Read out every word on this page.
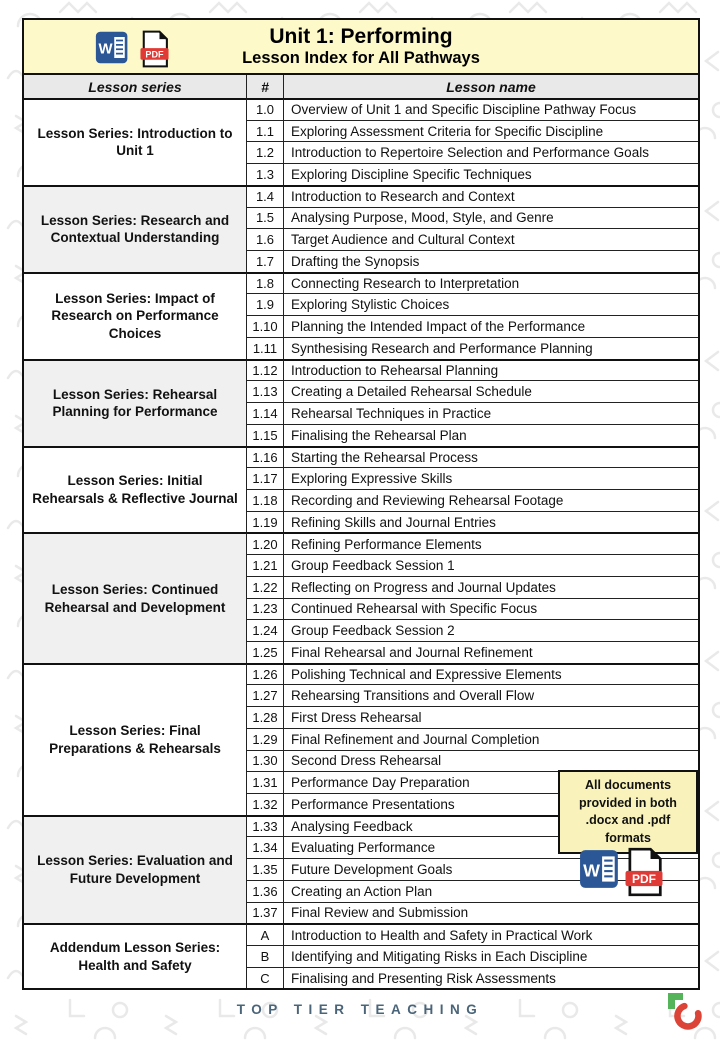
W	PDF
Unit 1: Performing
Lesson Index for All Pathways
Lesson series	#	Lesson name
Lesson Series: Introduction to Unit 1
1.0	Overview of Unit 1 and Specific Discipline Pathway Focus
1.1	Exploring Assessment Criteria for Specific Discipline
1.2	Introduction to Repertoire Selection and Performance Goals
1.3	Exploring Discipline Specific Techniques
Lesson Series: Research and Contextual Understanding
1.4	Introduction to Research and Context
1.5	Analysing Purpose, Mood, Style, and Genre
1.6	Target Audience and Cultural Context
1.7	Drafting the Synopsis
Lesson Series: Impact of Research on Performance Choices
1.8	Connecting Research to Interpretation
1.9	Exploring Stylistic Choices
1.10 Planning the Intended Impact of the Performance
1.11	Synthesising Research and Performance Planning
Lesson Series: Rehearsal Planning for Performance
1.12 Introduction to Rehearsal Planning
1.13 Creating a Detailed Rehearsal Schedule
1.14 Rehearsal Techniques in Practice
1.15 Finalising the Rehearsal Plan
Lesson Series: Initial Rehearsals & Reflective Journal
1.16 Starting the Rehearsal Process
1.17 Exploring Expressive Skills
1.18 Recording and Reviewing Rehearsal Footage
1.19 Refining Skills and Journal Entries
Lesson Series: Continued Rehearsal and Development
1.20 Refining Performance Elements
1.21 Group Feedback Session 1
1.22 Reflecting on Progress and Journal Updates
1.23 Continued Rehearsal with Specific Focus
1.24 Group Feedback Session 2
1.25 Final Rehearsal and Journal Refinement
Lesson Series: Final Preparations & Rehearsals
1.26 Polishing Technical and Expressive Elements
1.27 Rehearsing Transitions and Overall Flow
1.28 First Dress Rehearsal
1.29 Final Refinement and Journal Completion
1.30 Second Dress Rehearsal
1.31 Performance Day Preparation
1.32 Performance Presentations
Lesson Series: Evaluation and Future Development
1.33 Analysing Feedback
1.34 Evaluating Performance
1.35 Future Development Goals
1.36 Creating an Action Plan
1.37 Final Review and Submission
Addendum Lesson Series: Health and Safety
A	Introduction to Health and Safety in Practical Work
B	Identifying and Mitigating Risks in Each Discipline
C	Finalising and Presenting Risk Assessments
All documents provided in both .docx and .pdf formats
W	PDF
TOP TIER TEACHING
